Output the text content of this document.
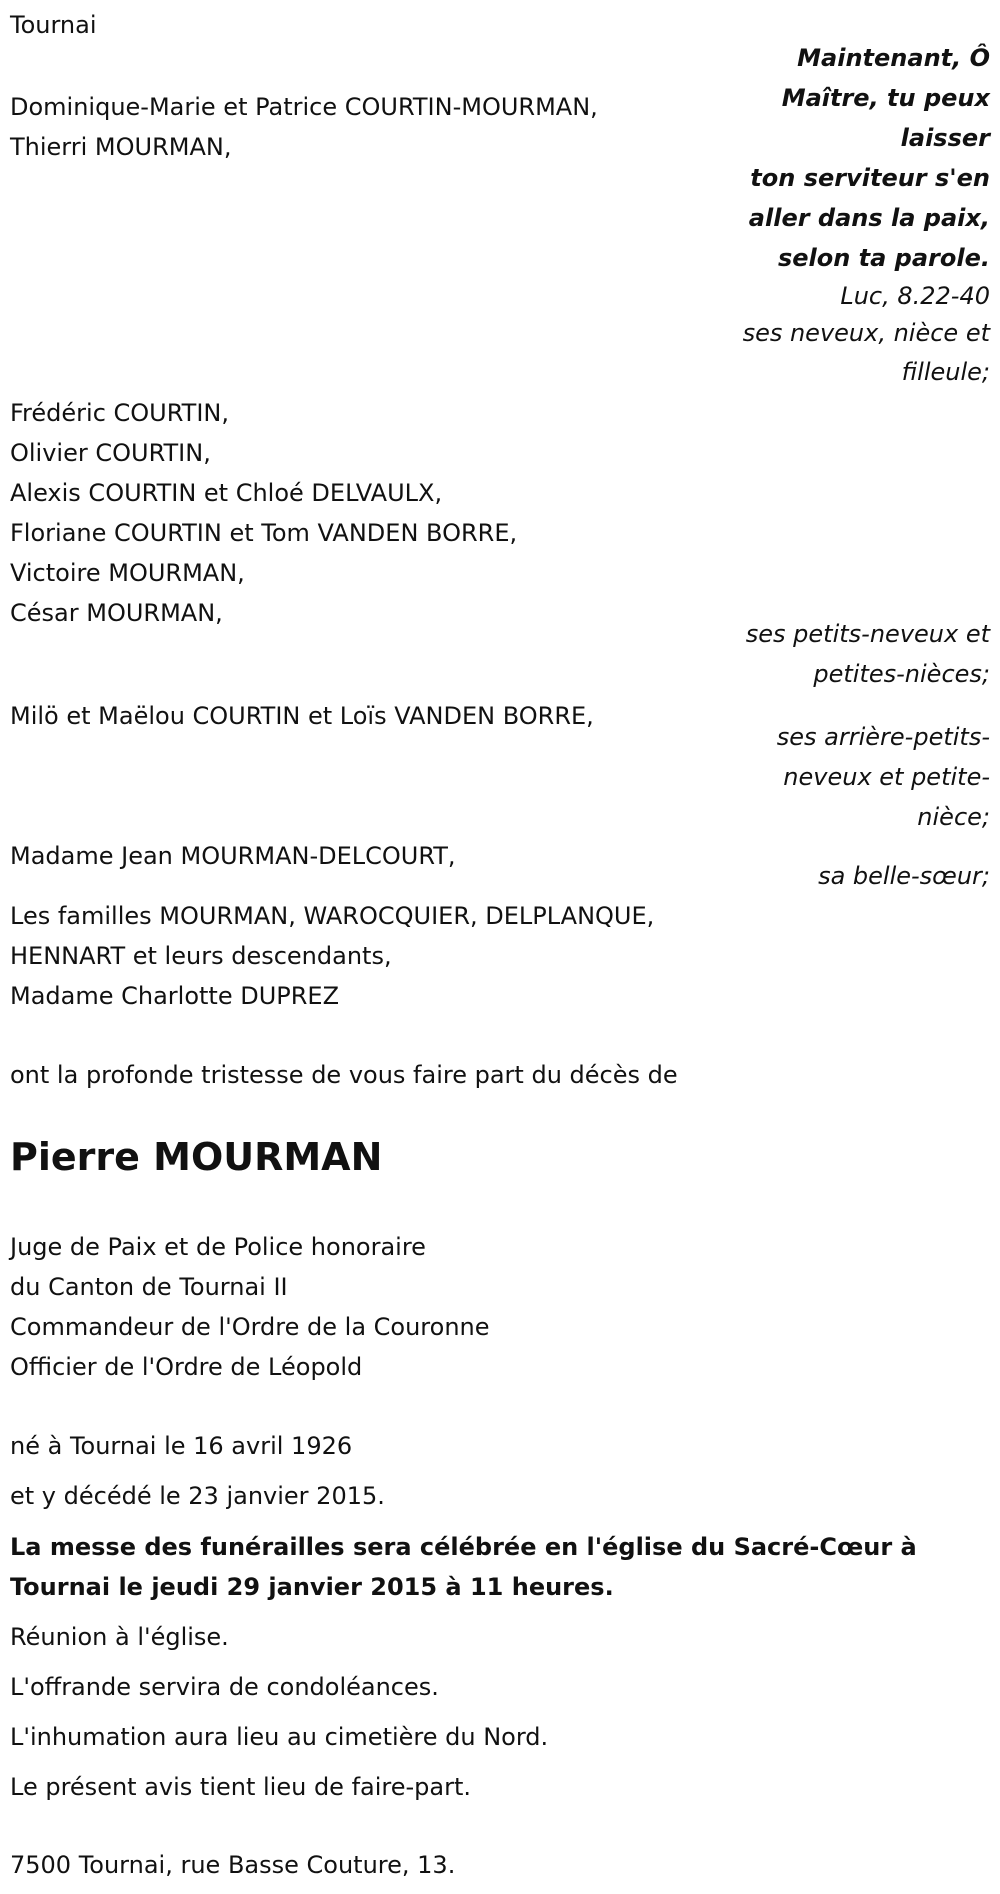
Tournai
Maintenant, Ô
Maître, tu peux
laisser
ton serviteur s'en
aller dans la paix,
selon ta parole.
Luc, 8.22-40
Dominique-Marie et Patrice COURTIN-MOURMAN,
Thierri MOURMAN,
ses neveux, nièce et
filleule;
Frédéric COURTIN,
Olivier COURTIN,
Alexis COURTIN et Chloé DELVAULX,
Floriane COURTIN et Tom VANDEN BORRE,
Victoire MOURMAN,
César MOURMAN,
ses petits-neveux et
petites-nièces;
Milö et Maëlou COURTIN et Loïs VANDEN BORRE,
ses arrière-petits-
neveux et petite-
nièce;
Madame Jean MOURMAN-DELCOURT,
sa belle-sœur;
Les familles MOURMAN, WAROCQUIER, DELPLANQUE,
HENNART et leurs descendants,
Madame Charlotte DUPREZ
ont la profonde tristesse de vous faire part du décès de
Pierre MOURMAN
Juge de Paix et de Police honoraire
du Canton de Tournai II
Commandeur de l'Ordre de la Couronne
Officier de l'Ordre de Léopold
né à Tournai le 16 avril 1926
et y décédé le 23 janvier 2015.
La messe des funérailles sera célébrée en l'église du Sacré-Cœur à
Tournai le jeudi 29 janvier 2015 à 11 heures.
Réunion à l'église.
L'offrande servira de condoléances.
L'inhumation aura lieu au cimetière du Nord.
Le présent avis tient lieu de faire-part.
7500 Tournai, rue Basse Couture, 13.
